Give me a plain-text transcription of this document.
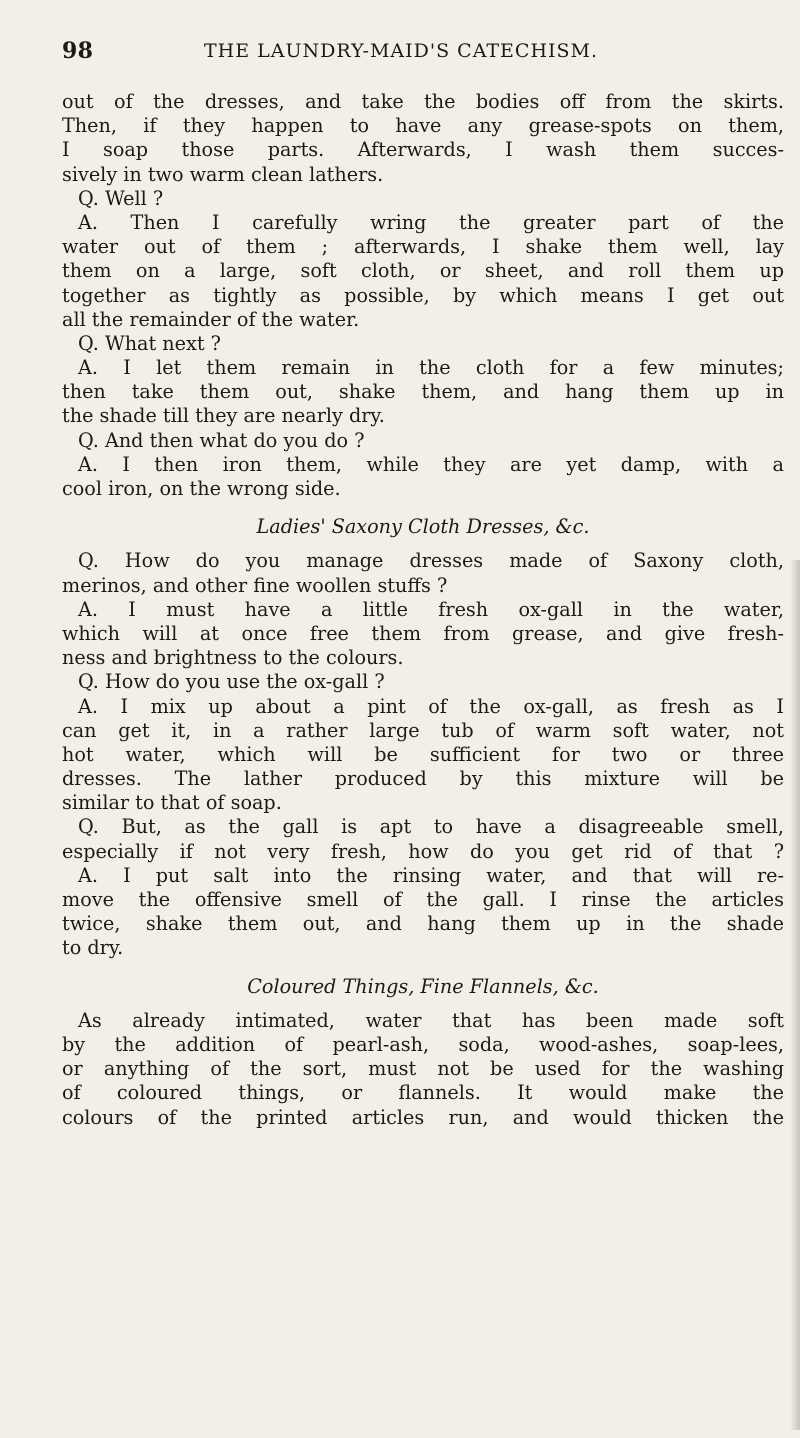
98	THE LAUNDRY-MAID'S CATECHISM.
out of the dresses, and take the bodies off from the skirts.
Then, if they happen to have any grease-spots on them,
I soap those parts. Afterwards, I wash them succes-
sively in two warm clean lathers.
Q. Well ?
A. Then I carefully wring the greater part of the
water out of them ; afterwards, I shake them well, lay
them on a large, soft cloth, or sheet, and roll them up
together as tightly as possible, by which means I get out
all the remainder of the water.
Q. What next ?
A. I let them remain in the cloth for a few minutes;
then take them out, shake them, and hang them up in
the shade till they are nearly dry.
Q. And then what do you do ?
A. I then iron them, while they are yet damp, with a
cool iron, on the wrong side.
Ladies' Saxony Cloth Dresses, &c.
Q. How do you manage dresses made of Saxony cloth,
merinos, and other fine woollen stuffs ?
A. I must have a little fresh ox-gall in the water,
which will at once free them from grease, and give fresh-
ness and brightness to the colours.
Q. How do you use the ox-gall ?
A. I mix up about a pint of the ox-gall, as fresh as I
can get it, in a rather large tub of warm soft water, not
hot water, which will be sufficient for two or three
dresses. The lather produced by this mixture will be
similar to that of soap.
Q. But, as the gall is apt to have a disagreeable smell,
especially if not very fresh, how do you get rid of that ?
A. I put salt into the rinsing water, and that will re-
move the offensive smell of the gall. I rinse the articles
twice, shake them out, and hang them up in the shade
to dry.
Coloured Things, Fine Flannels, &c.
As already intimated, water that has been made soft
by the addition of pearl-ash, soda, wood-ashes, soap-lees,
or anything of the sort, must not be used for the washing
of coloured things, or flannels. It would make the
colours of the printed articles run, and would thicken the
